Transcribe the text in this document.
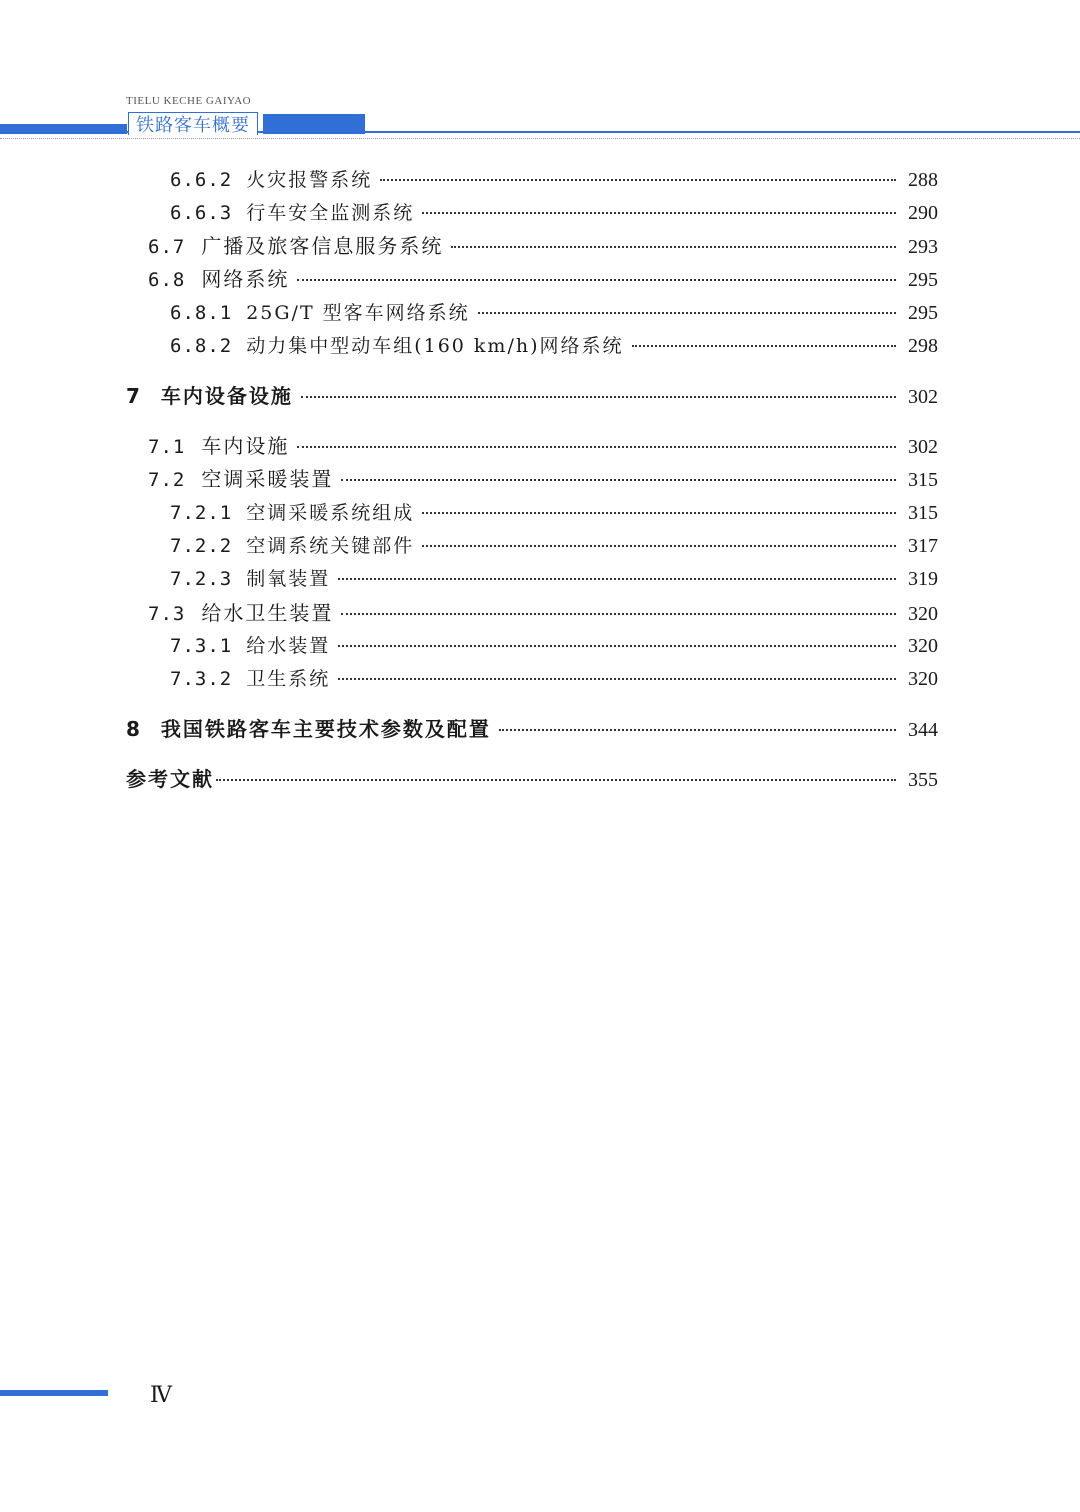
TIELU KECHE GAIYAO
铁路客车概要
6.6.2 火灾报警系统	288
6.6.3 行车安全监测系统	290
6.7 广播及旅客信息服务系统	293
6.8 网络系统	295
6.8.1 25G/T 型客车网络系统	295
6.8.2 动力集中型动车组(160 km/h)网络系统	298
7 车内设备设施	302
7.1 车内设施	302
7.2 空调采暖装置	315
7.2.1 空调采暖系统组成	315
7.2.2 空调系统关键部件	317
7.2.3 制氧装置	319
7.3 给水卫生装置	320
7.3.1 给水装置	320
7.3.2 卫生系统	320
8 我国铁路客车主要技术参数及配置	344
参考文献	355
Ⅳ
